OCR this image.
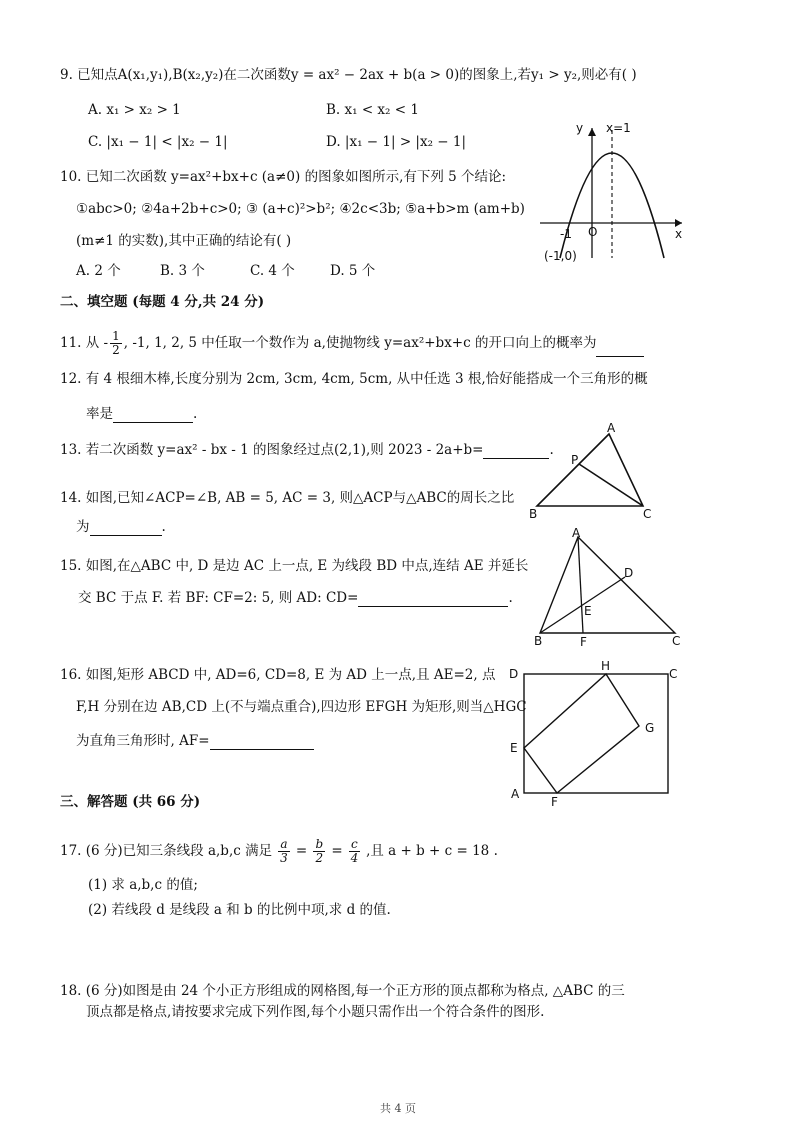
9. 已知点A(x₁,y₁),B(x₂,y₂)在二次函数y = ax² − 2ax + b(a > 0)的图象上,若y₁ > y₂,则必有( )
A. x₁ > x₂ > 1	B. x₁ < x₂ < 1
C. |x₁ − 1| < |x₂ − 1|	D. |x₁ − 1| > |x₂ − 1|
10. 已知二次函数 y=ax²+bx+c (a≠0) 的图象如图所示,有下列 5 个结论:
①abc>0; ②4a+2b+c>0; ③ (a+c)²>b²; ④2c<3b; ⑤a+b>m (am+b)
(m≠1 的实数),其中正确的结论有( )
A. 2 个	B. 3 个	C. 4 个	D. 5 个
y
x
x=1
-1 O
(-1,0)
二、填空题 (每题 4 分,共 24 分)
11. 从 - $\frac{1}{2}$ , -1, 1, 2, 5 中任取一个数作为 a,使抛物线 y=ax²+bx+c 的开口向上的概率为
12. 有 4 根细木棒,长度分别为 2cm, 3cm, 4cm, 5cm, 从中任选 3 根,恰好能搭成一个三角形的概
率是	.
13. 若二次函数 y=ax² - bx - 1 的图象经过点(2,1),则 2023 - 2a+b=	.
14. 如图,已知∠ACP=∠B, AB = 5, AC = 3, 则△ACP与△ABC的周长之比
为	.
A
P
B	C
15. 如图,在△ABC 中, D 是边 AC 上一点, E 为线段 BD 中点,连结 AE 并延长
交 BC 于点 F. 若 BF: CF=2: 5, 则 AD: CD=	.
A
D
E
B	F	C
16. 如图,矩形 ABCD 中, AD=6, CD=8, E 为 AD 上一点,且 AE=2, 点
F,H 分别在边 AB,CD 上(不与端点重合),四边形 EFGH 为矩形,则当△HGC
为直角三角形时, AF=
D
H
C
G
E
A
F
三、解答题 (共 66 分)
17. (6 分)已知三条线段 a,b,c 满足 $\frac{a}{3} = \frac{b}{2} = \frac{c}{4}$ ,且 a + b + c = 18 .
(1) 求 a,b,c 的值;
(2) 若线段 d 是线段 a 和 b 的比例中项,求 d 的值.
18. (6 分)如图是由 24 个小正方形组成的网格图,每一个正方形的顶点都称为格点, △ABC 的三
顶点都是格点,请按要求完成下列作图,每个小题只需作出一个符合条件的图形.
共 4 页
